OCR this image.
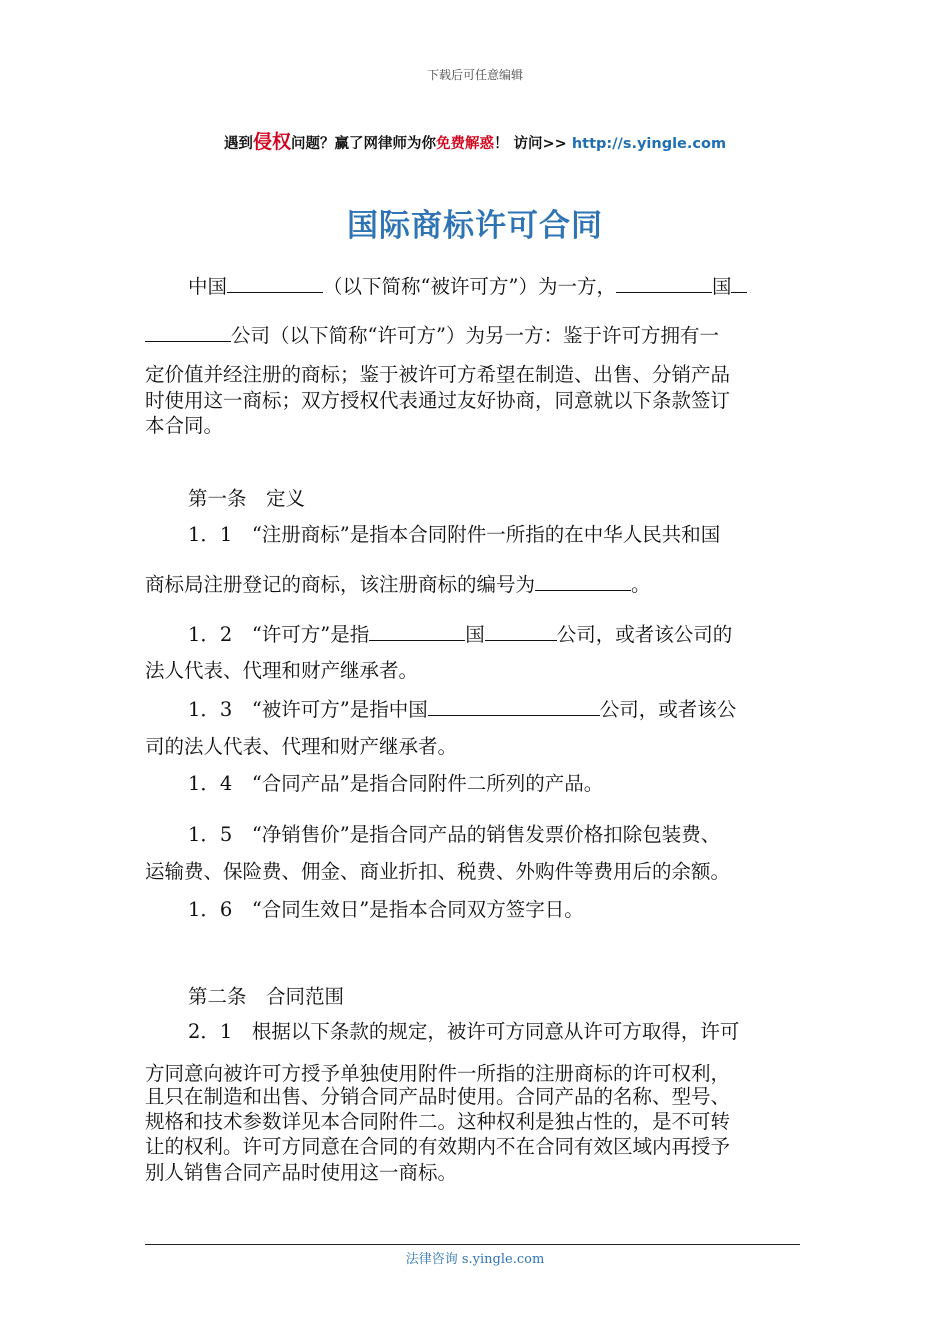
下载后可任意编辑
遇到侵权问题？赢了网律师为你免费解惑！ 访问>> http://s.yingle.com
国际商标许可合同
中国	（以下简称“被许可方”）为一方，	国
公司（以下简称“许可方”）为另一方：鉴于许可方拥有一
定价值并经注册的商标；鉴于被许可方希望在制造、出售、分销产品
时使用这一商标；双方授权代表通过友好协商，同意就以下条款签订
本合同。
第一条　定义
1．1　“注册商标”是指本合同附件一所指的在中华人民共和国
商标局注册登记的商标，该注册商标的编号为	。
1．2　“许可方”是指	国	公司，或者该公司的
法人代表、代理和财产继承者。
1．3　“被许可方”是指中国	公司，或者该公
司的法人代表、代理和财产继承者。
1．4　“合同产品”是指合同附件二所列的产品。
1．5　“净销售价”是指合同产品的销售发票价格扣除包装费、
运输费、保险费、佣金、商业折扣、税费、外购件等费用后的余额。
1．6　“合同生效日”是指本合同双方签字日。
第二条　合同范围
2．1　根据以下条款的规定，被许可方同意从许可方取得，许可
方同意向被许可方授予单独使用附件一所指的注册商标的许可权利，
且只在制造和出售、分销合同产品时使用。合同产品的名称、型号、
规格和技术参数详见本合同附件二。这种权利是独占性的，是不可转
让的权利。许可方同意在合同的有效期内不在合同有效区域内再授予
别人销售合同产品时使用这一商标。
法律咨询 s.yingle.com
